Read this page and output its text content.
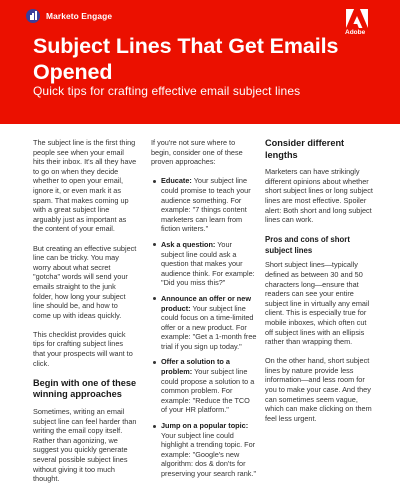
Marketo Engage
Adobe
Subject Lines That Get Emails Opened
Quick tips for crafting effective email subject lines

The subject line is the first thing people see when your email hits their inbox. It's all they have to go on when they decide whether to open your email, ignore it, or even mark it as spam. That makes coming up with a great subject line arguably just as important as the content of your email.

But creating an effective subject line can be tricky. You may worry about what secret "gotcha" words will send your emails straight to the junk folder, how long your subject line should be, and how to come up with ideas quickly.

This checklist provides quick tips for crafting subject lines that your prospects will want to click.

Begin with one of these winning approaches

Sometimes, writing an email subject line can feel harder than writing the email copy itself. Rather than agonizing, we suggest you quickly generate several possible subject lines without giving it too much thought.

If you're not sure where to begin, consider one of these proven approaches:

Educate: Your subject line could promise to teach your audience something. For example: "7 things content marketers can learn from fiction writers."
Ask a question: Your subject line could ask a question that makes your audience think. For example: "Did you miss this?"
Announce an offer or new product: Your subject line could focus on a time-limited offer or a new product. For example: "Get a 1-month free trial if you sign up today."
Offer a solution to a problem: Your subject line could propose a solution to a common problem. For example: "Reduce the TCO of your HR platform."
Jump on a popular topic: Your subject line could highlight a trending topic. For example: "Google's new algorithm: dos & don'ts for preserving your search rank."
Consider different lengths

Marketers can have strikingly different opinions about whether short subject lines or long subject lines are most effective. Spoiler alert: Both short and long subject lines can work.

Pros and cons of short subject lines

Short subject lines—typically defined as between 30 and 50 characters long—ensure that readers can see your entire subject line in virtually any email client. This is especially true for mobile inboxes, which often cut off subject lines with an ellipsis rather than wrapping them.

On the other hand, short subject lines by nature provide less information—and less room for you to make your case. And they can sometimes seem vague, which can make clicking on them feel less urgent.
